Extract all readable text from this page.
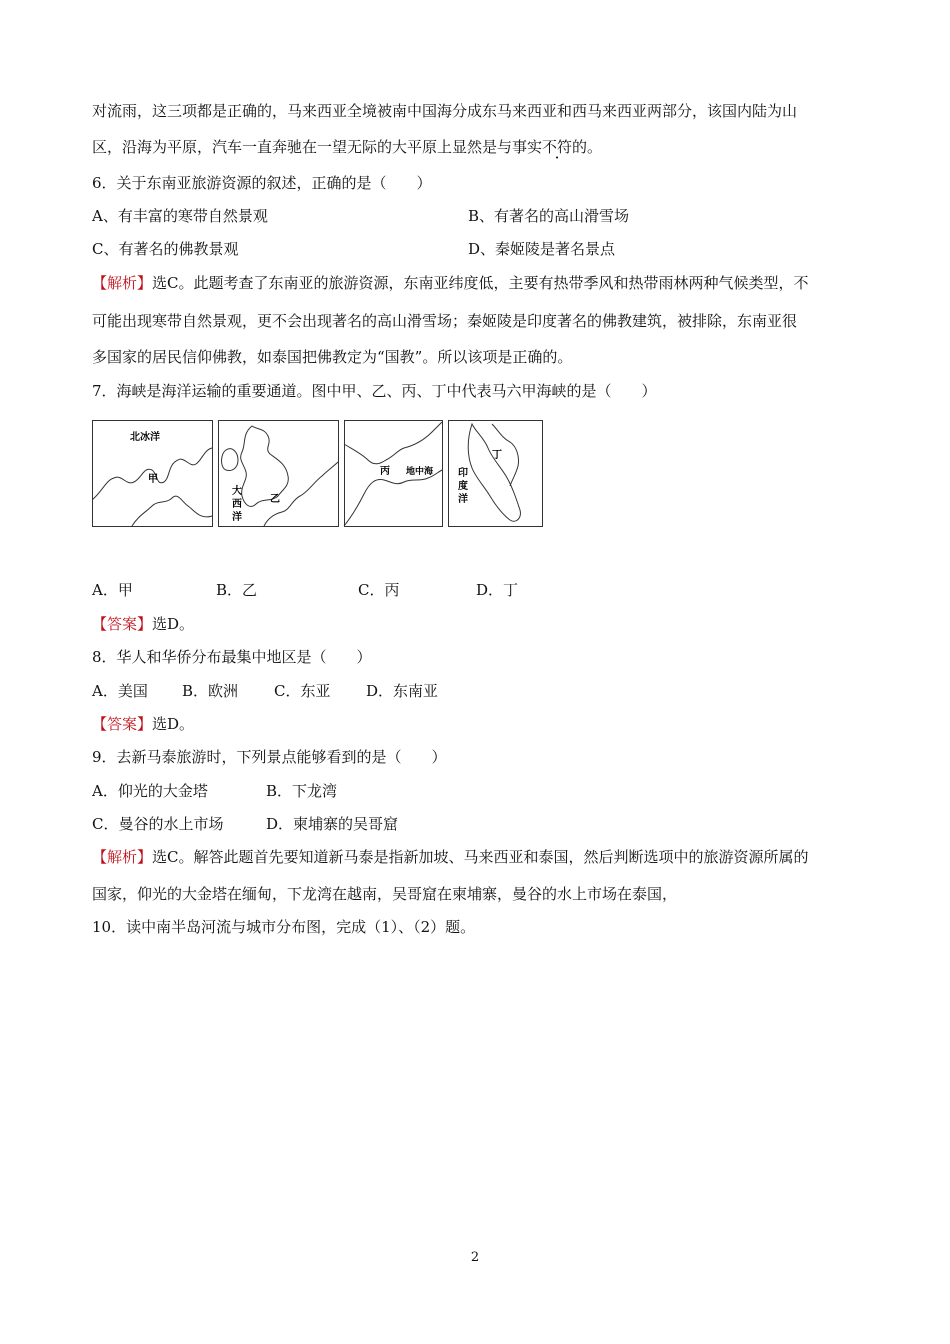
对流雨，这三项都是正确的，马来西亚全境被南中国海分成东马来西亚和西马来西亚两部分，该国内陆为山
区，沿海为平原，汽车一直奔驰在一望无际的大平原上显然是与事实不符的。
6．关于东南亚旅游资源的叙述，正确的是（　　）
A、有丰富的寒带自然景观	B、有著名的高山滑雪场
C、有著名的佛教景观	D、秦姬陵是著名景点
【解析】选C。此题考查了东南亚的旅游资源，东南亚纬度低，主要有热带季风和热带雨林两种气候类型，不
可能出现寒带自然景观，更不会出现著名的高山滑雪场；秦姬陵是印度著名的佛教建筑，被排除，东南亚很
多国家的居民信仰佛教，如泰国把佛教定为“国教”。所以该项是正确的。
7．海峡是海洋运输的重要通道。图中甲、乙、丙、丁中代表马六甲海峡的是（　　）
北冰洋
甲
大
西
洋
乙
丙 地中海
丁
印
度
洋
A．甲	B．乙	C．丙	D．丁
【答案】选D。
8．华人和华侨分布最集中地区是（　　）
A．美国 B．欧洲 C．东亚 D．东南亚
【答案】选D。
9．去新马泰旅游时，下列景点能够看到的是（　　）
A．仰光的大金塔	B．下龙湾
C．曼谷的水上市场	D．柬埔寨的吴哥窟
【解析】选C。解答此题首先要知道新马泰是指新加坡、马来西亚和泰国，然后判断选项中的旅游资源所属的
国家，仰光的大金塔在缅甸，下龙湾在越南，吴哥窟在柬埔寨，曼谷的水上市场在泰国，
10．读中南半岛河流与城市分布图，完成（1）、（2）题。
2
